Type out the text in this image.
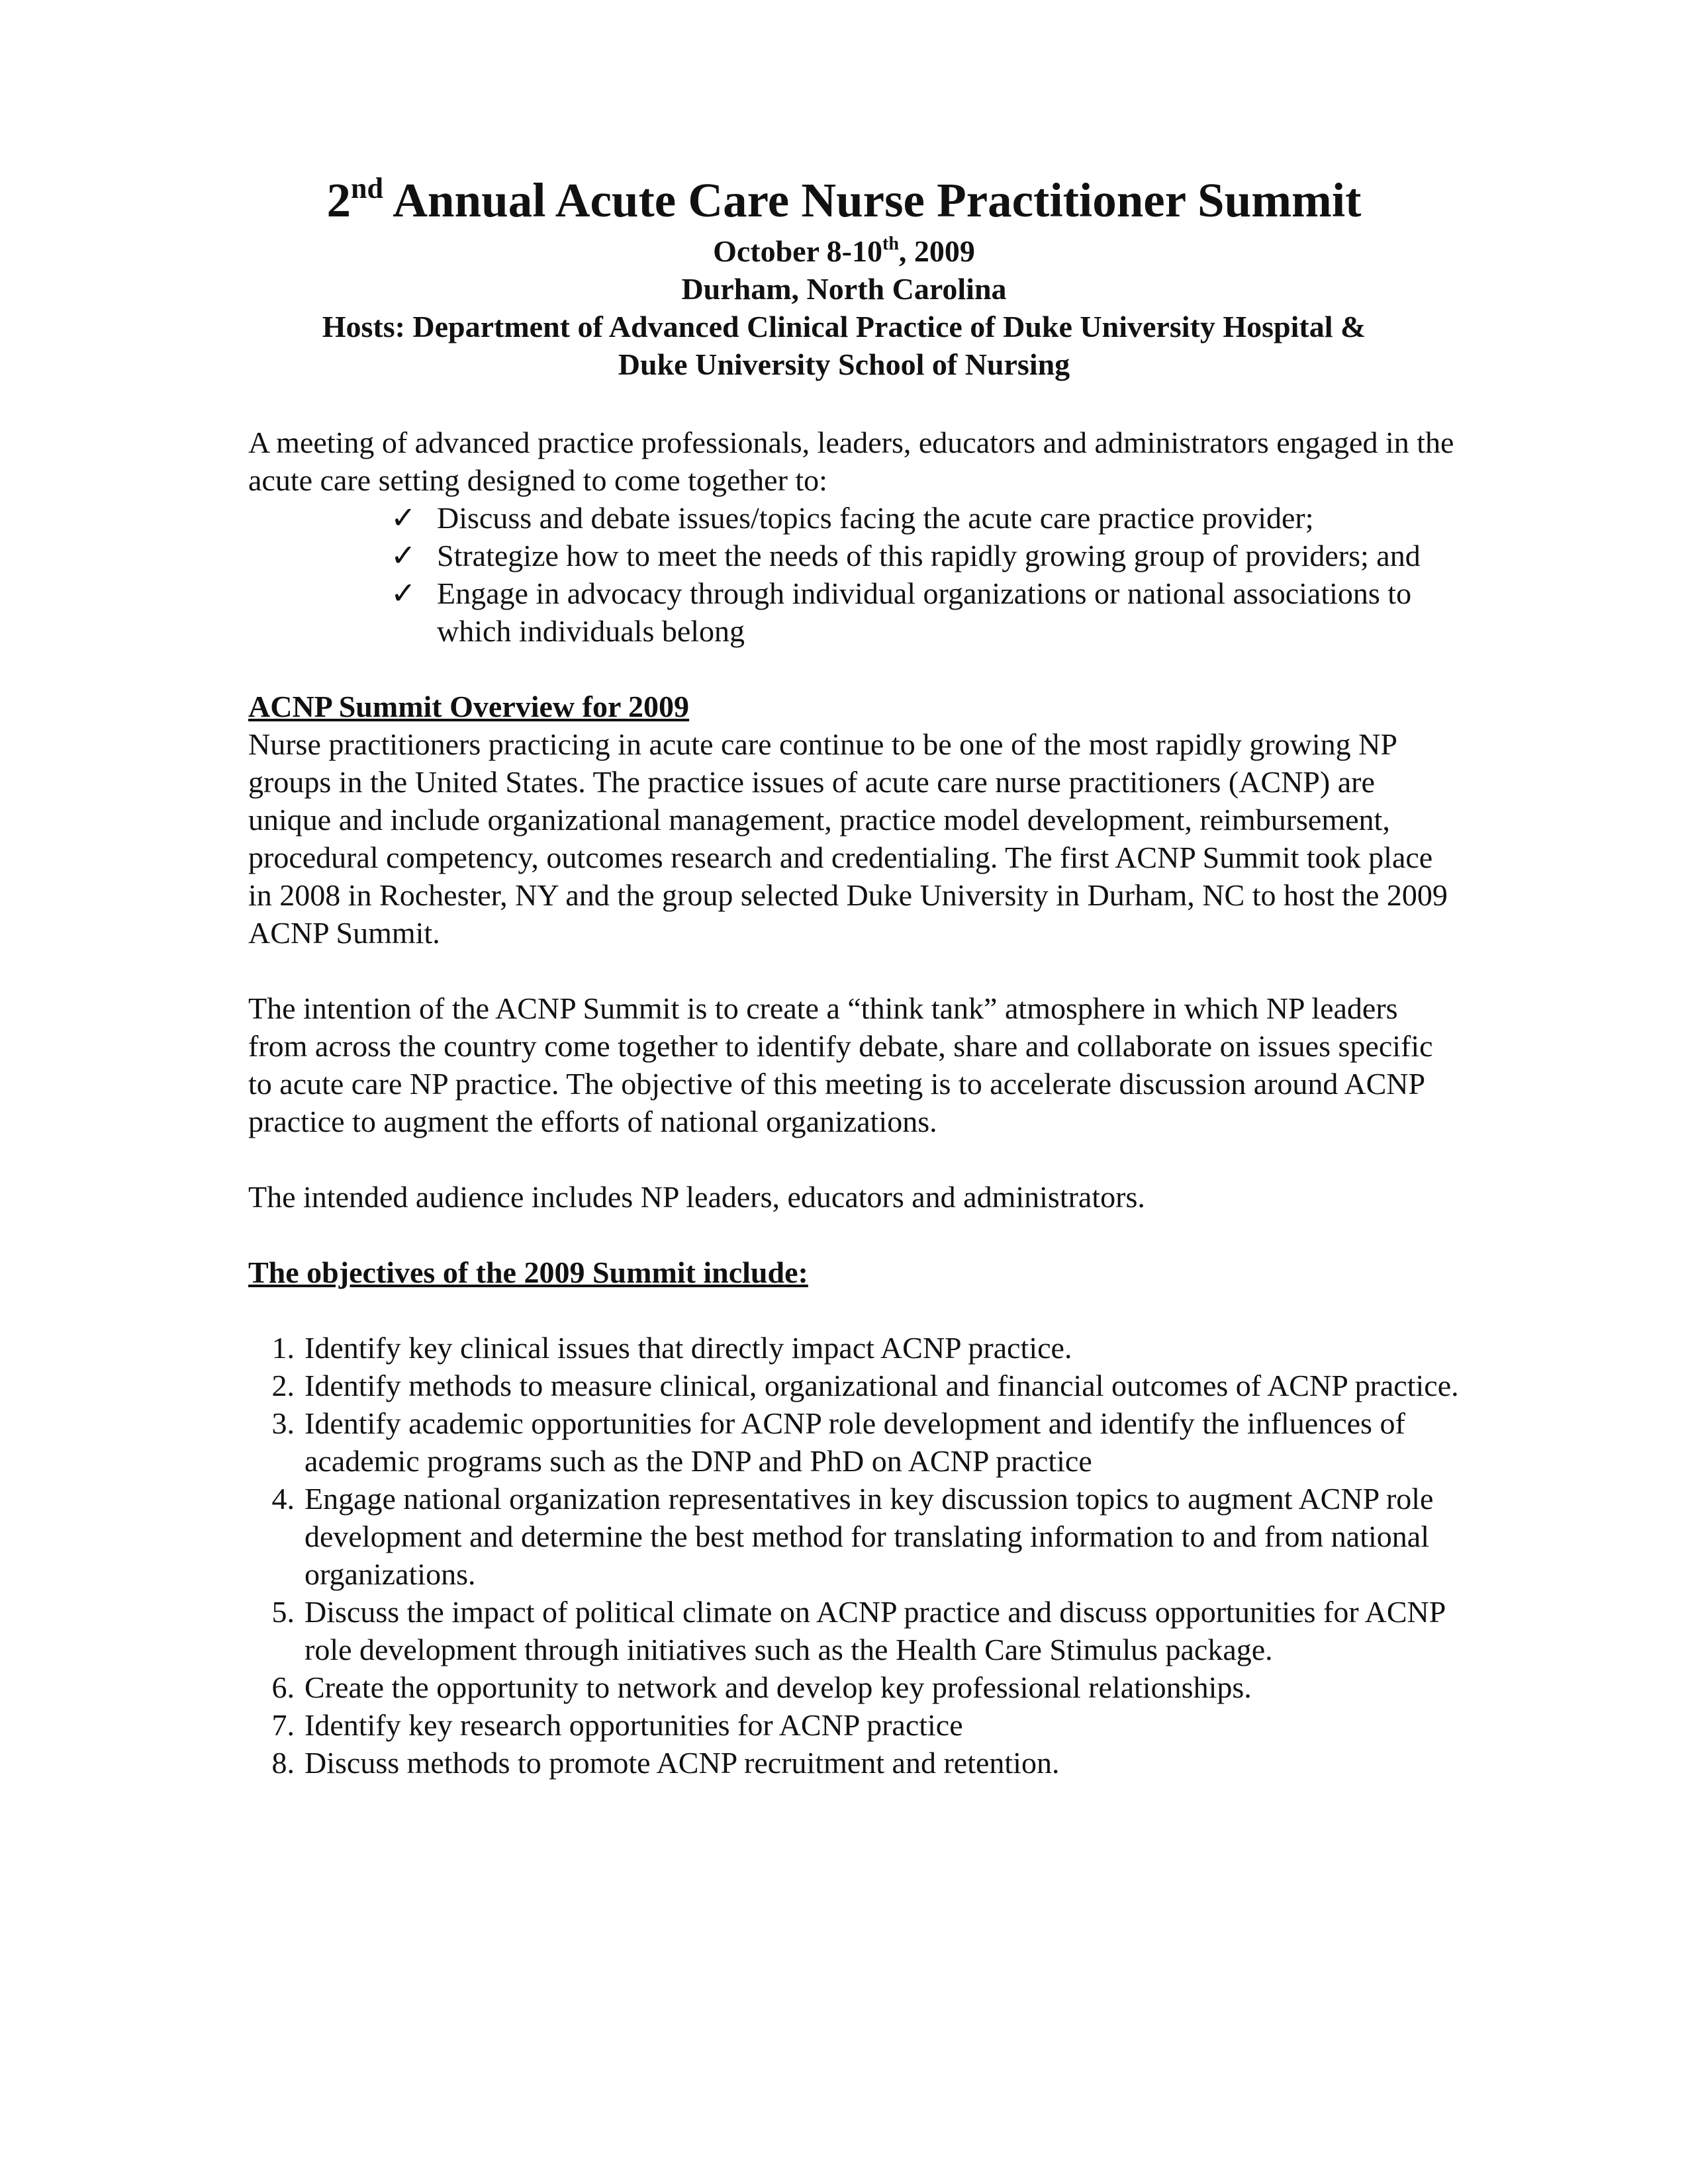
2nd Annual Acute Care Nurse Practitioner Summit

October 8-10th, 2009

Durham, North Carolina

Hosts: Department of Advanced Clinical Practice of Duke University Hospital &

Duke University School of Nursing

A meeting of advanced practice professionals, leaders, educators and administrators engaged in the acute care setting designed to come together to:

✓ Discuss and debate issues/topics facing the acute care practice provider;
✓ Strategize how to meet the needs of this rapidly growing group of providers; and
✓ Engage in advocacy through individual organizations or national associations to which individuals belong

ACNP Summit Overview for 2009

Nurse practitioners practicing in acute care continue to be one of the most rapidly growing NP groups in the United States. The practice issues of acute care nurse practitioners (ACNP) are unique and include organizational management, practice model development, reimbursement, procedural competency, outcomes research and credentialing. The first ACNP Summit took place in 2008 in Rochester, NY and the group selected Duke University in Durham, NC to host the 2009 ACNP Summit.

The intention of the ACNP Summit is to create a “think tank” atmosphere in which NP leaders from across the country come together to identify debate, share and collaborate on issues specific to acute care NP practice. The objective of this meeting is to accelerate discussion around ACNP practice to augment the efforts of national organizations.

The intended audience includes NP leaders, educators and administrators.

The objectives of the 2009 Summit include:

1. Identify key clinical issues that directly impact ACNP practice.
2. Identify methods to measure clinical, organizational and financial outcomes of ACNP practice.
3. Identify academic opportunities for ACNP role development and identify the influences of academic programs such as the DNP and PhD on ACNP practice
4. Engage national organization representatives in key discussion topics to augment ACNP role development and determine the best method for translating information to and from national organizations.
5. Discuss the impact of political climate on ACNP practice and discuss opportunities for ACNP role development through initiatives such as the Health Care Stimulus package.
6. Create the opportunity to network and develop key professional relationships.
7. Identify key research opportunities for ACNP practice
8. Discuss methods to promote ACNP recruitment and retention.
